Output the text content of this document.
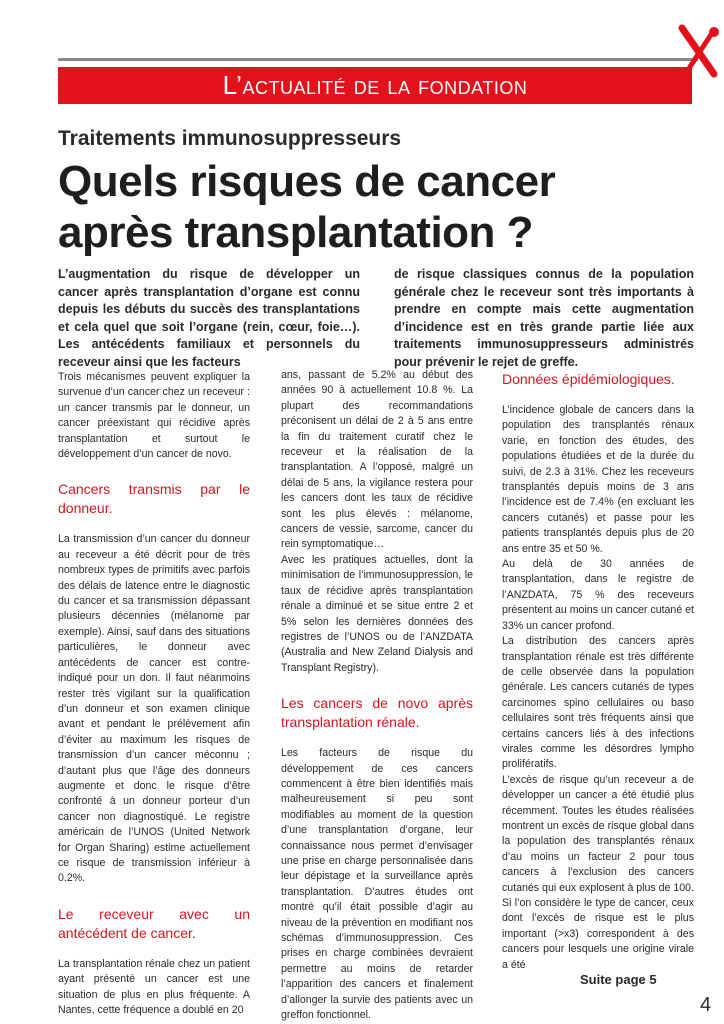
L’actualité de la fondation
Traitements immunosuppresseurs
Quels risques de cancer
après transplantation ?
L’augmentation du risque de développer un cancer après transplantation d’organe est connu depuis les débuts du succès des transplantations et cela quel que soit l’organe (rein, cœur, foie…). Les antécédents familiaux et personnels du receveur ainsi que les facteurs
de risque classiques connus de la population générale chez le receveur sont très importants à prendre en compte mais cette augmentation d’incidence est en très grande partie liée aux traitements immunosuppresseurs administrés pour prévenir le rejet de greffe.

Trois mécanismes peuvent expliquer la survenue d’un cancer chez un receveur : un cancer transmis par le donneur, un cancer préexistant qui récidive après transplantation et surtout le développement d’un cancer de novo.

Cancers transmis par le donneur.

La transmission d’un cancer du donneur au receveur a été décrit pour de très nombreux types de primitifs avec parfois des délais de latence entre le diagnostic du cancer et sa transmission dépassant plusieurs décennies (mélanome par exemple). Ainsi, sauf dans des situations particulières, le donneur avec antécédents de cancer est contre-indiqué pour un don. Il faut néanmoins rester très vigilant sur la qualification d’un donneur et son examen clinique avant et pendant le prélèvement afin d’éviter au maximum les risques de transmission d’un cancer méconnu ; d’autant plus que l’âge des donneurs augmente et donc le risque d’être confronté à un donneur porteur d’un cancer non diagnostiqué. Le registre américain de l’UNOS (United Network for Organ Sharing) estime actuellement ce risque de transmission inférieur à 0.2%.

Le receveur avec un antécédent de cancer.

La transplantation rénale chez un patient ayant présenté un cancer est une situation de plus en plus fréquente. A Nantes, cette fréquence a doublé en 20

ans, passant de 5.2% au début des années 90 à actuellement 10.8 %. La plupart des recommandations préconisent un délai de 2 à 5 ans entre la fin du traitement curatif chez le receveur et la réalisation de la transplantation. A l’opposé, malgré un délai de 5 ans, la vigilance restera pour les cancers dont les taux de récidive sont les plus élevés : mélanome, cancers de vessie, sarcome, cancer du rein symptomatique…

Avec les pratiques actuelles, dont la minimisation de l’immunosuppression, le taux de récidive après transplantation rénale a diminué et se situe entre 2 et 5% selon les dernières données des registres de l’UNOS ou de l’ANZDATA (Australia and New Zeland Dialysis and Transplant Registry).

Les cancers de novo après transplantation rénale.

Les facteurs de risque du développement de ces cancers commencent à être bien identifiés mais malheureusement si peu sont modifiables au moment de la question d’une transplantation d’organe, leur connaissance nous permet d’envisager une prise en charge personnalisée dans leur dépistage et la surveillance après transplantation. D’autres études ont montré qu’il était possible d’agir au niveau de la prévention en modifiant nos schémas d’immunosuppression. Ces prises en charge combinées devraient permettre au moins de retarder l’apparition des cancers et finalement d’allonger la survie des patients avec un greffon fonctionnel.

Données épidémiologiques.

L’incidence globale de cancers dans la population des transplantés rénaux varie, en fonction des études, des populations étudiées et de la durée du suivi, de 2.3 à 31%. Chez les receveurs transplantés depuis moins de 3 ans l’incidence est de 7.4% (en excluant les cancers cutanés) et passe pour les patients transplantés depuis plus de 20 ans entre 35 et 50 %.

Au delà de 30 années de transplantation, dans le registre de l’ANZDATA, 75 % des receveurs présentent au moins un cancer cutané et 33% un cancer profond.

La distribution des cancers après transplantation rénale est très différente de celle observée dans la population générale. Les cancers cutanés de types carcinomes spino cellulaires ou baso cellulaires sont très fréquents ainsi que certains cancers liés à des infections virales comme les désordres lympho prolifératifs.

L’excès de risque qu’un receveur a de développer un cancer a été étudié plus récemment. Toutes les études réalisées montrent un excès de risque global dans la population des transplantés rénaux d’au moins un facteur 2 pour tous cancers à l’exclusion des cancers cutanés qui eux explosent à plus de 100.

Si l’on considère le type de cancer, ceux dont l’excès de risque est le plus important (>x3) correspondent à des cancers pour lesquels une origine virale a été

Suite page 5
4
